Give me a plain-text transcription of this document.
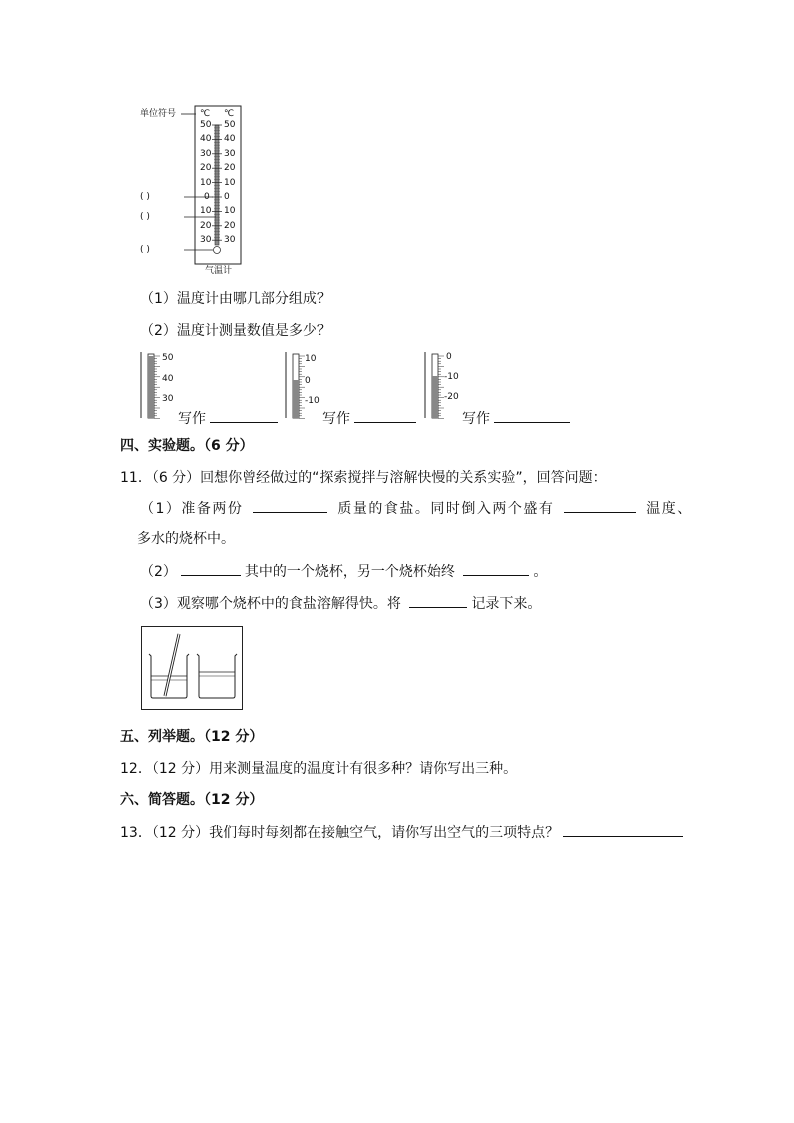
单位符号	℃ ℃
50 50
40 40
30 30
20 20
10 10
0 0
10 10
20 20
30 30
( )
( )
( )
气温计
（1）温度计由哪几部分组成？
（2）温度计测量数值是多少？
50
40
30
写作
10
0
-10
写作
0
-10
-20
写作
四、实验题。（6 分）
11．（6 分）回想你曾经做过的“探索搅拌与溶解快慢的关系实验”，回答问题：
（1）准备两份	质量的食盐。同时倒入两个盛有	温度、
多水的烧杯中。
（2）	其中的一个烧杯，另一个烧杯始终	。
（3）观察哪个烧杯中的食盐溶解得快。将	记录下来。
五、列举题。（12 分）
12．（12 分）用来测量温度的温度计有很多种？请你写出三种。
六、简答题。（12 分）
13．（12 分）我们每时每刻都在接触空气，请你写出空气的三项特点？
